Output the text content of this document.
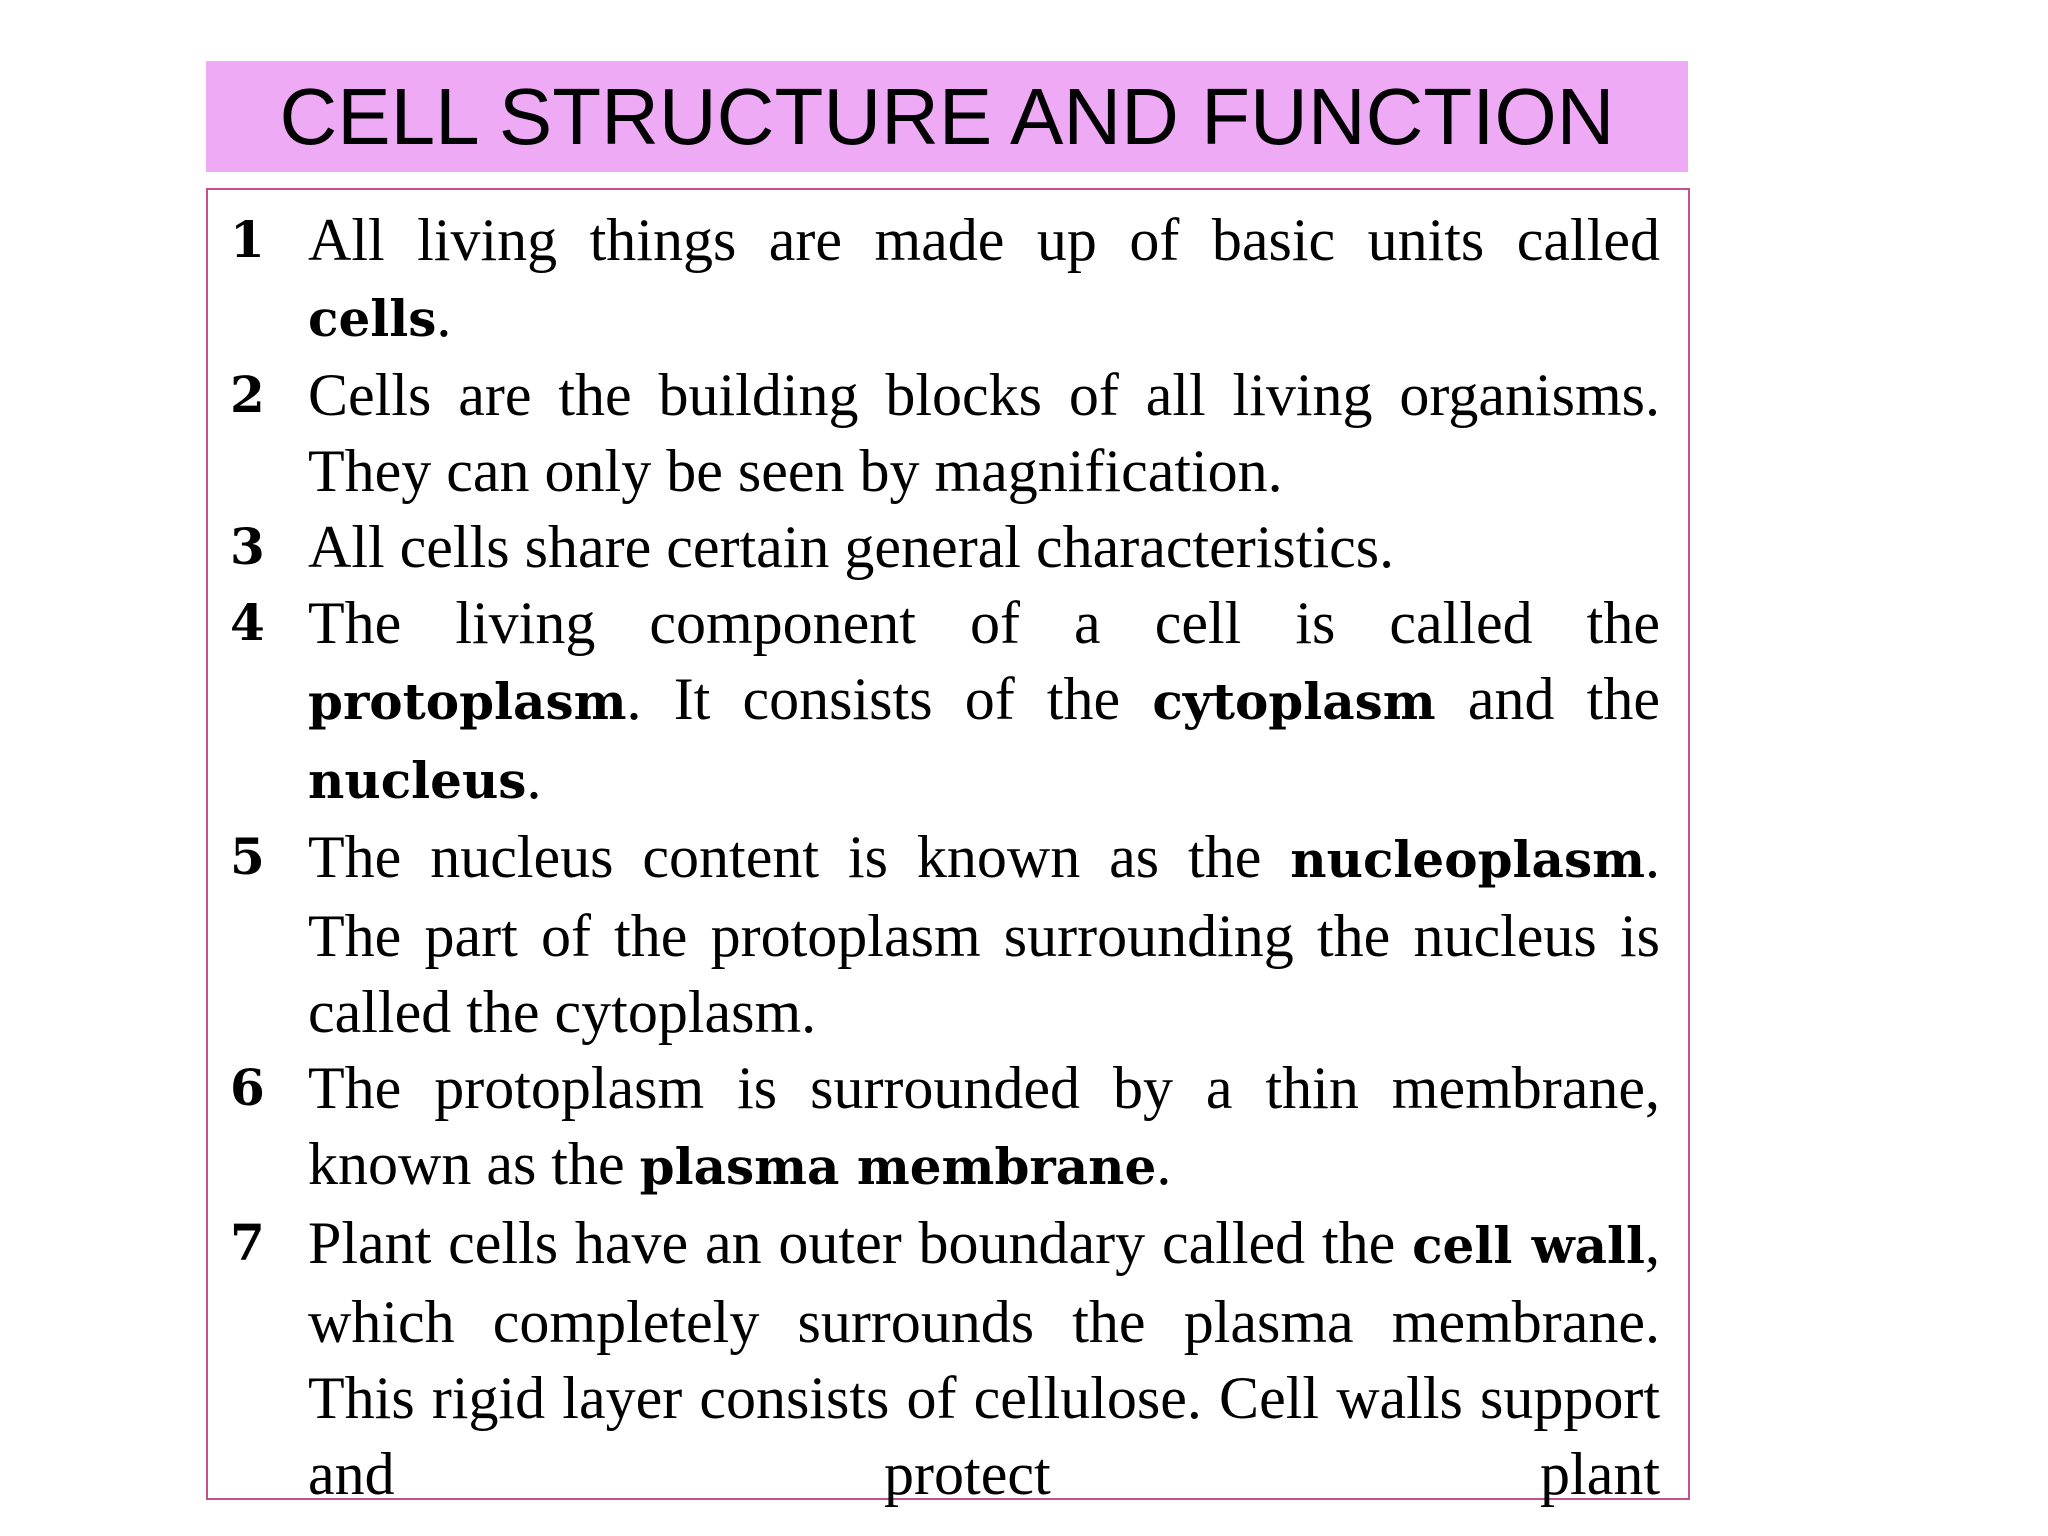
CELL STRUCTURE AND FUNCTION
1 All living things are made up of basic units called cells.
2 Cells are the building blocks of all living organisms. They can only be seen by magnification.
3 All cells share certain general characteristics.
4 The living component of a cell is called the protoplasm. It consists of the cytoplasm and the nucleus.
5 The nucleus content is known as the nucleoplasm. The part of the protoplasm surrounding the nucleus is called the cytoplasm.
6 The protoplasm is surrounded by a thin membrane, known as the plasma membrane.
7 Plant cells have an outer boundary called the cell wall, which completely surrounds the plasma membrane. This rigid layer consists of cellulose. Cell walls support and protect plant
